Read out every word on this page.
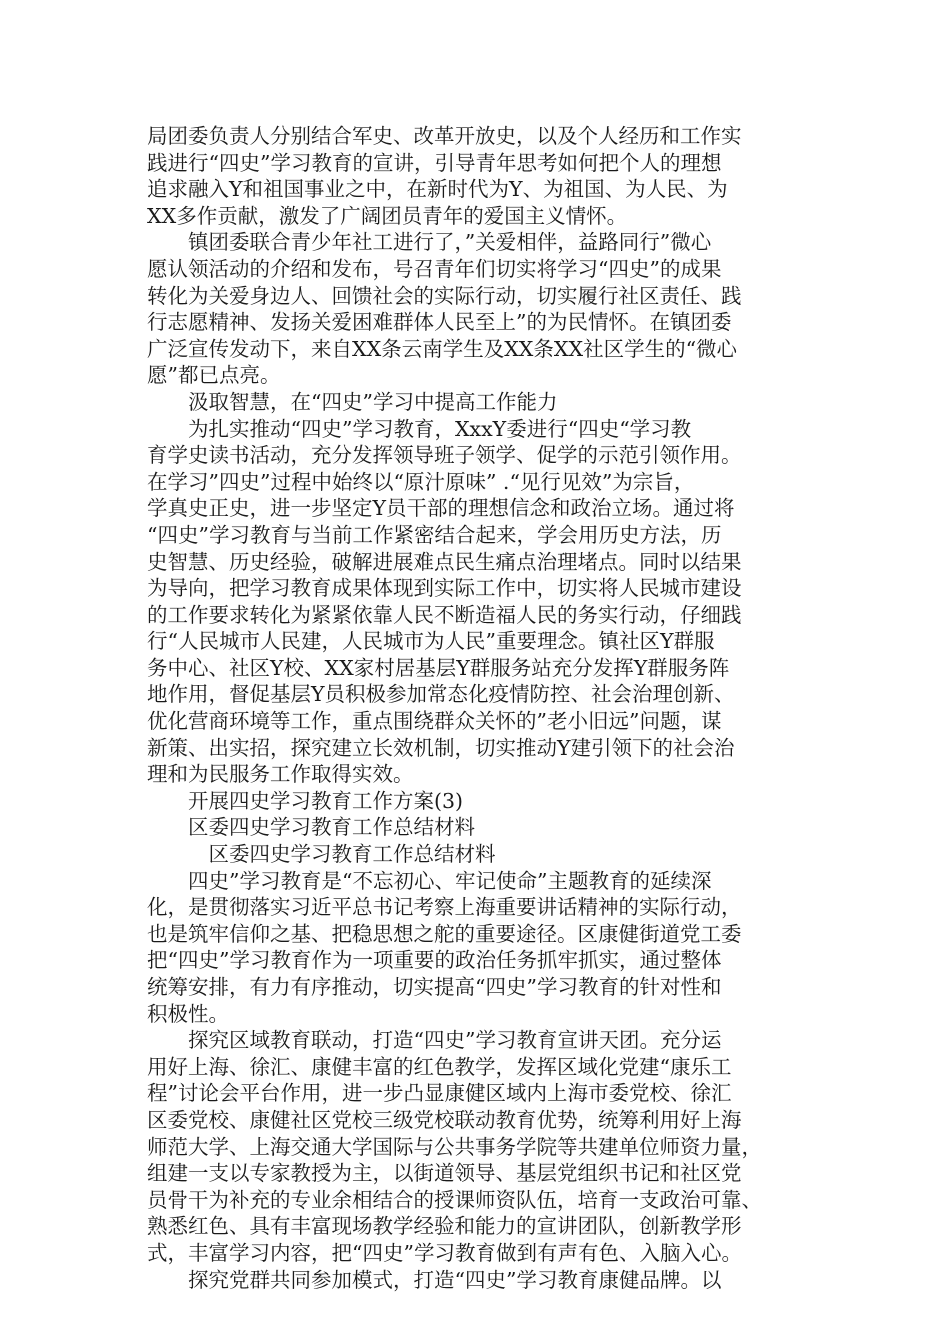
局团委负责人分别结合军史、改革开放史，以及个人经历和工作实
践进行“四史”学习教育的宣讲，引导青年思考如何把个人的理想
追求融入Y和祖国事业之中，在新时代为Y、为祖国、为人民、为
XX多作贡献，激发了广阔团员青年的爱国主义情怀。
　　镇团委联合青少年社工进行了，”关爱相伴，益路同行”微心
愿认领活动的介绍和发布，号召青年们切实将学习“四史”的成果
转化为关爱身边人、回馈社会的实际行动，切实履行社区责任、践
行志愿精神、发扬关爱困难群体人民至上”的为民情怀。在镇团委
广泛宣传发动下，来自XX条云南学生及XX条XX社区学生的“微心
愿”都已点亮。
　　汲取智慧，在“四史”学习中提高工作能力
　　为扎实推动“四史”学习教育，XxxY委进行“四史“学习教
育学史读书活动，充分发挥领导班子领学、促学的示范引领作用。
在学习”四史”过程中始终以“原汁原味” .“见行见效”为宗旨，
学真史正史，进一步坚定Y员干部的理想信念和政治立场。通过将
“四史”学习教育与当前工作紧密结合起来，学会用历史方法，历
史智慧、历史经验，破解进展难点民生痛点治理堵点。同时以结果
为导向，把学习教育成果体现到实际工作中，切实将人民城市建设
的工作要求转化为紧紧依靠人民不断造福人民的务实行动，仔细践
行“人民城市人民建，人民城市为人民”重要理念。镇社区Y群服
务中心、社区Y校、XX家村居基层Y群服务站充分发挥Y群服务阵
地作用，督促基层Y员积极参加常态化疫情防控、社会治理创新、
优化营商环境等工作，重点围绕群众关怀的”老小旧远”问题，谋
新策、出实招，探究建立长效机制，切实推动Y建引领下的社会治
理和为民服务工作取得实效。
　　开展四史学习教育工作方案(3)
　　区委四史学习教育工作总结材料
　　　区委四史学习教育工作总结材料
　　四史”学习教育是“不忘初心、牢记使命”主题教育的延续深
化，是贯彻落实习近平总书记考察上海重要讲话精神的实际行动，
也是筑牢信仰之基、把稳思想之舵的重要途径。区康健街道党工委
把“四史”学习教育作为一项重要的政治任务抓牢抓实，通过整体
统筹安排，有力有序推动，切实提高“四史”学习教育的针对性和
积极性。
　　探究区域教育联动，打造“四史”学习教育宣讲天团。充分运
用好上海、徐汇、康健丰富的红色教学，发挥区域化党建“康乐工
程”讨论会平台作用，进一步凸显康健区域内上海市委党校、徐汇
区委党校、康健社区党校三级党校联动教育优势，统筹利用好上海
师范大学、上海交通大学国际与公共事务学院等共建单位师资力量，
组建一支以专家教授为主，以街道领导、基层党组织书记和社区党
员骨干为补充的专业余相结合的授课师资队伍，培育一支政治可靠、
熟悉红色、具有丰富现场教学经验和能力的宣讲团队，创新教学形
式，丰富学习内容，把“四史”学习教育做到有声有色、入脑入心。
　　探究党群共同参加模式，打造“四史”学习教育康健品牌。以
